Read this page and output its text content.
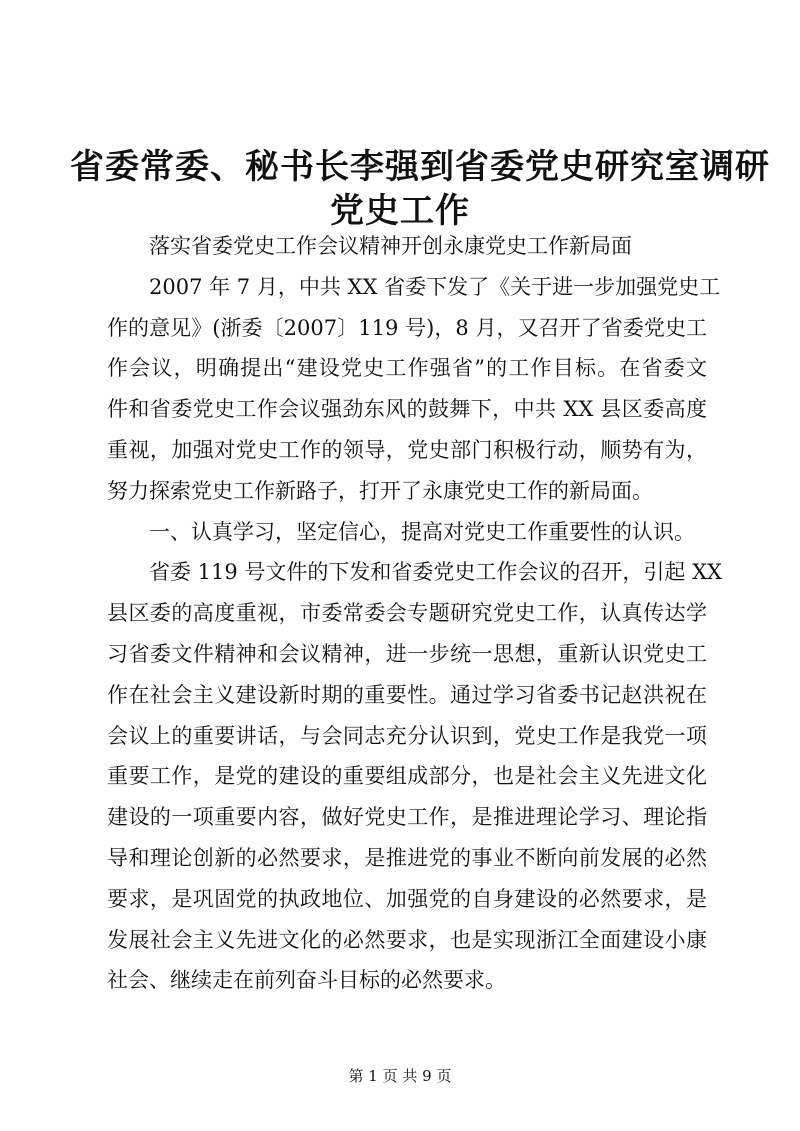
省委常委、秘书长李强到省委党史研究室调研
党史工作
落实省委党史工作会议精神开创永康党史工作新局面
2007 年 7 月，中共 XX 省委下发了《关于进一步加强党史工
作的意见》(浙委〔2007〕119 号)，8 月，又召开了省委党史工
作会议，明确提出“建设党史工作强省”的工作目标。在省委文
件和省委党史工作会议强劲东风的鼓舞下，中共 XX 县区委高度
重视，加强对党史工作的领导，党史部门积极行动，顺势有为，
努力探索党史工作新路子，打开了永康党史工作的新局面。
一、认真学习，坚定信心，提高对党史工作重要性的认识。
省委 119 号文件的下发和省委党史工作会议的召开，引起 XX
县区委的高度重视，市委常委会专题研究党史工作，认真传达学
习省委文件精神和会议精神，进一步统一思想，重新认识党史工
作在社会主义建设新时期的重要性。通过学习省委书记赵洪祝在
会议上的重要讲话，与会同志充分认识到，党史工作是我党一项
重要工作，是党的建设的重要组成部分，也是社会主义先进文化
建设的一项重要内容，做好党史工作，是推进理论学习、理论指
导和理论创新的必然要求，是推进党的事业不断向前发展的必然
要求，是巩固党的执政地位、加强党的自身建设的必然要求，是
发展社会主义先进文化的必然要求，也是实现浙江全面建设小康
社会、继续走在前列奋斗目标的必然要求。
第 1 页 共 9 页
